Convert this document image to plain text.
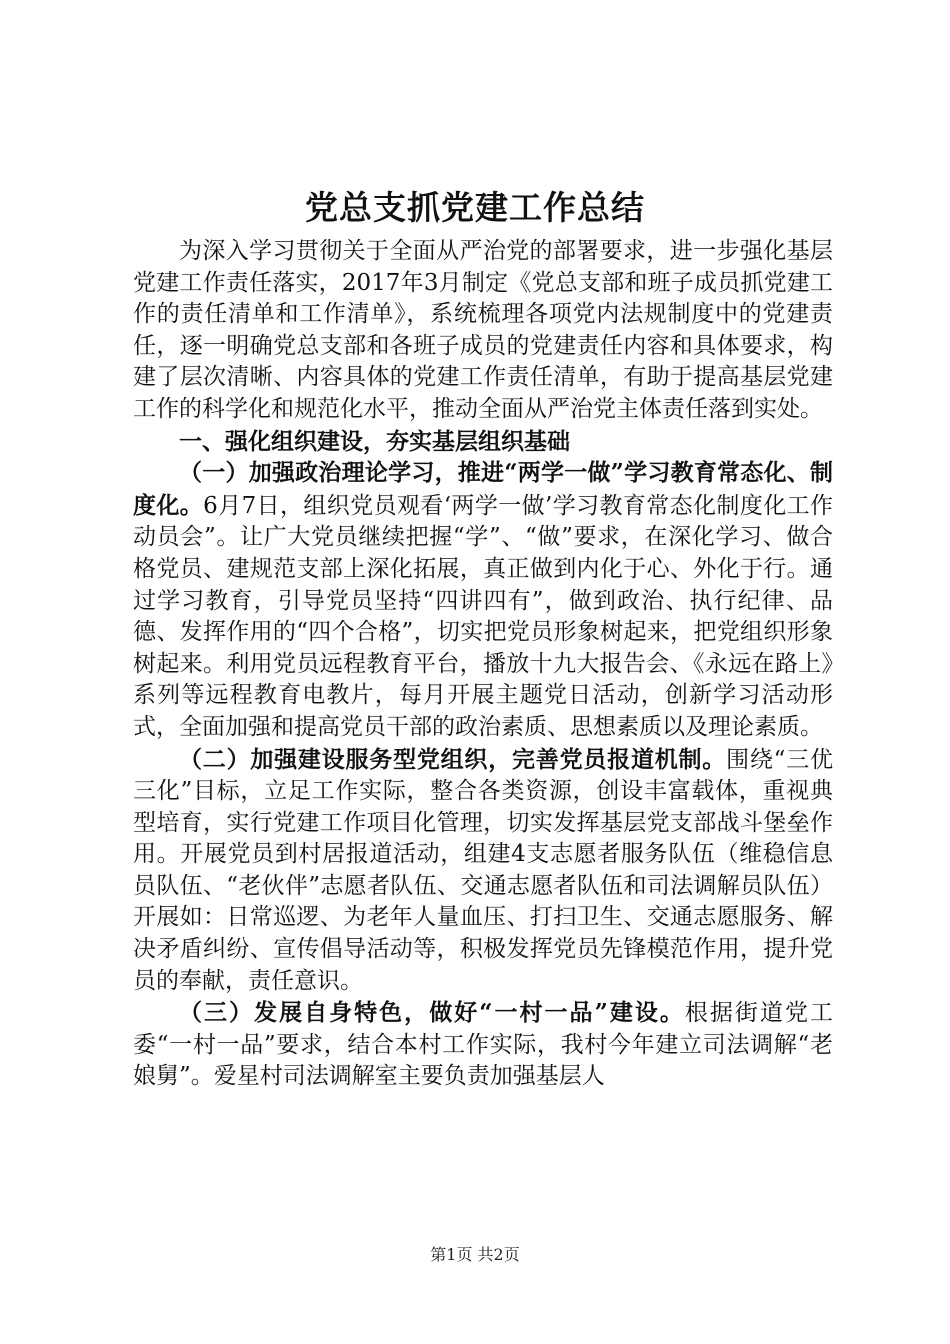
党总支抓党建工作总结

为深入学习贯彻关于全面从严治党的部署要求，进一步强化基层党建工作责任落实，2017年3月制定《党总支部和班子成员抓党建工作的责任清单和工作清单》，系统梳理各项党内法规制度中的党建责任，逐一明确党总支部和各班子成员的党建责任内容和具体要求，构建了层次清晰、内容具体的党建工作责任清单，有助于提高基层党建工作的科学化和规范化水平，推动全面从严治党主体责任落到实处。

一、强化组织建设，夯实基层组织基础

（一）加强政治理论学习，推进“两学一做”学习教育常态化、制度化。6月7日，组织党员观看‘两学一做’学习教育常态化制度化工作动员会”。让广大党员继续把握“学”、“做”要求，在深化学习、做合格党员、建规范支部上深化拓展，真正做到内化于心、外化于行。通过学习教育，引导党员坚持“四讲四有”，做到政治、执行纪律、品德、发挥作用的“四个合格”，切实把党员形象树起来，把党组织形象树起来。利用党员远程教育平台，播放十九大报告会、《永远在路上》系列等远程教育电教片，每月开展主题党日活动，创新学习活动形式，全面加强和提高党员干部的政治素质、思想素质以及理论素质。

（二）加强建设服务型党组织，完善党员报道机制。围绕“三优三化”目标，立足工作实际，整合各类资源，创设丰富载体，重视典型培育，实行党建工作项目化管理，切实发挥基层党支部战斗堡垒作用。开展党员到村居报道活动，组建4支志愿者服务队伍（维稳信息员队伍、“老伙伴”志愿者队伍、交通志愿者队伍和司法调解员队伍）开展如：日常巡逻、为老年人量血压、打扫卫生、交通志愿服务、解决矛盾纠纷、宣传倡导活动等，积极发挥党员先锋模范作用，提升党员的奉献，责任意识。

（三）发展自身特色，做好“一村一品”建设。根据街道党工委“一村一品”要求，结合本村工作实际，我村今年建立司法调解“老娘舅”。爱星村司法调解室主要负责加强基层人

第1页 共2页
